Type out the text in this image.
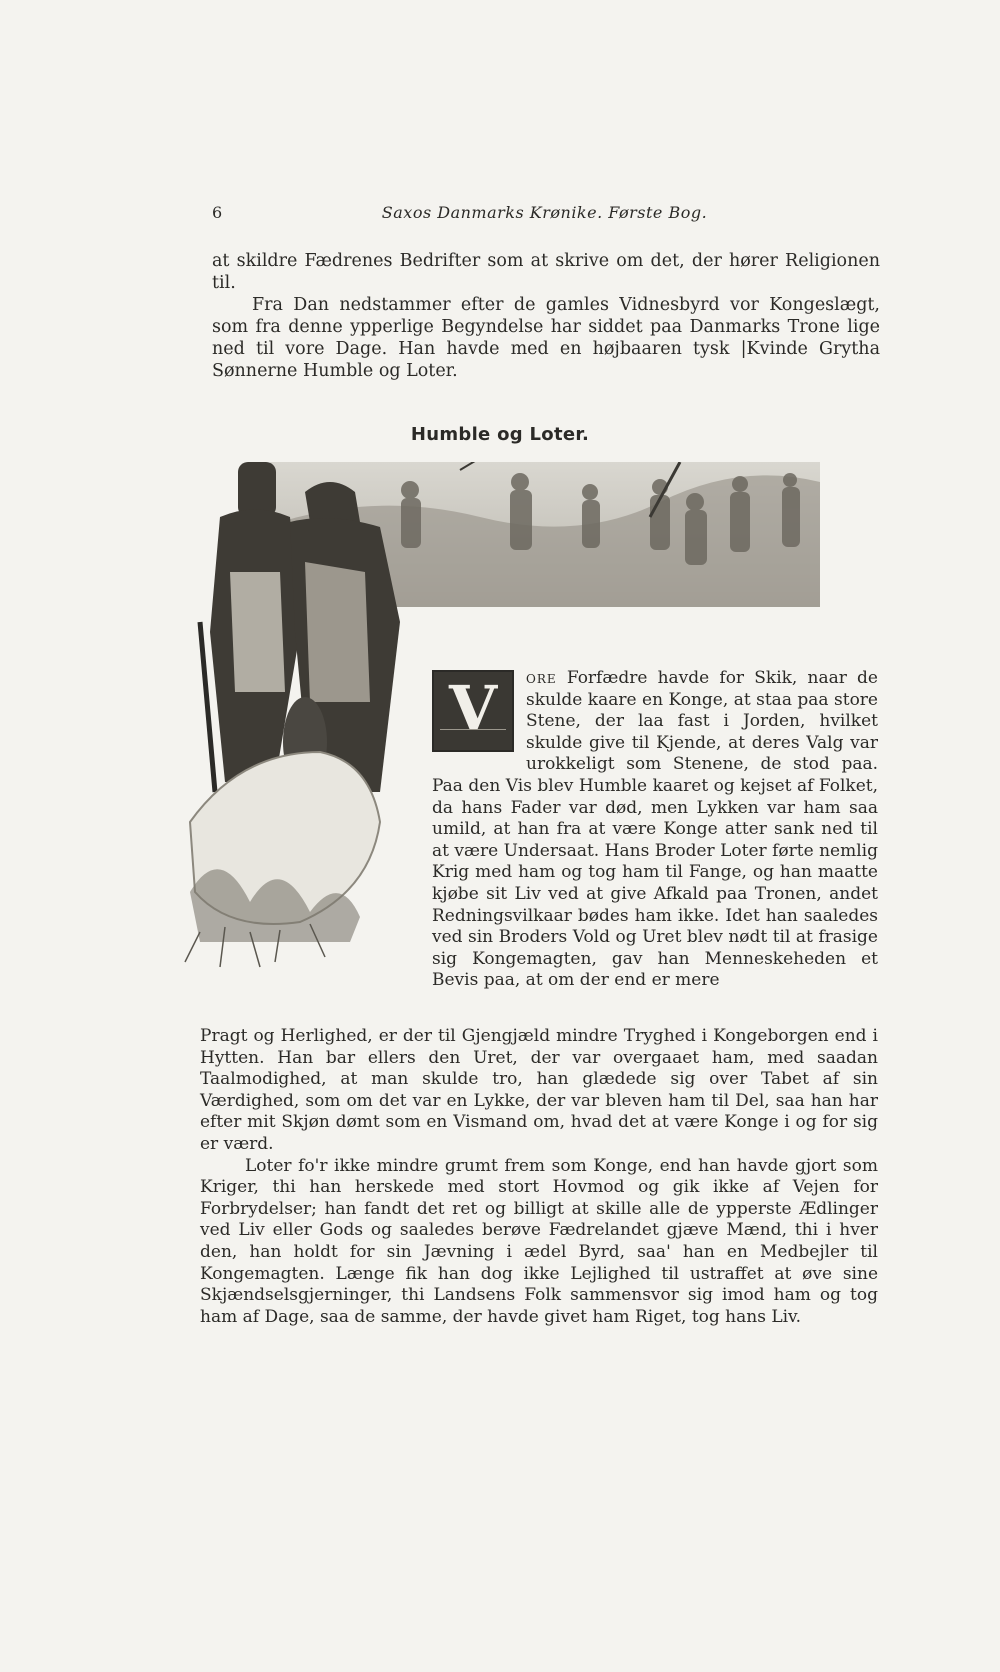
6	Saxos Danmarks Krønike. Første Bog.

at skildre Fædrenes Bedrifter som at skrive om det, der hører Religionen til.

Fra Dan nedstammer efter de gamles Vidnesbyrd vor Kongeslægt, som fra denne ypperlige Begyndelse har siddet paa Danmarks Trone lige ned til vore Dage. Han havde med en højbaaren tysk |Kvinde Grytha Sønnerne Humble og Loter.

Humble og Loter.
V	ore Forfædre havde for Skik, naar de skulde kaare en Konge, at staa paa store Stene, der laa fast i Jorden, hvilket skulde give til Kjende, at deres Valg var urokkeligt som Stenene, de stod paa. Paa den Vis blev Humble kaaret og kejset af Folket, da hans Fader var død, men Lykken var ham saa umild, at han fra at være Konge atter sank ned til at være Undersaat. Hans Broder Loter førte nemlig Krig med ham og tog ham til Fange, og han maatte kjøbe sit Liv ved at give Afkald paa Tronen, andet Redningsvilkaar bødes ham ikke. Idet han saaledes ved sin Broders Vold og Uret blev nødt til at frasige sig Kongemagten, gav han Menneskeheden et Bevis paa, at om der end er mere

Pragt og Herlighed, er der til Gjengjæld mindre Tryghed i Kongeborgen end i Hytten. Han bar ellers den Uret, der var overgaaet ham, med saadan Taalmodighed, at man skulde tro, han glædede sig over Tabet af sin Værdighed, som om det var en Lykke, der var bleven ham til Del, saa han har efter mit Skjøn dømt som en Vismand om, hvad det at være Konge i og for sig er værd.

Loter fo'r ikke mindre grumt frem som Konge, end han havde gjort som Kriger, thi han herskede med stort Hovmod og gik ikke af Vejen for Forbrydelser; han fandt det ret og billigt at skille alle de ypperste Ædlinger ved Liv eller Gods og saaledes berøve Fædrelandet gjæve Mænd, thi i hver den, han holdt for sin Jævning i ædel Byrd, saa' han en Medbejler til Kongemagten. Længe fik han dog ikke Lejlighed til ustraffet at øve sine Skjændselsgjerninger, thi Landsens Folk sammensvor sig imod ham og tog ham af Dage, saa de samme, der havde givet ham Riget, tog hans Liv.
